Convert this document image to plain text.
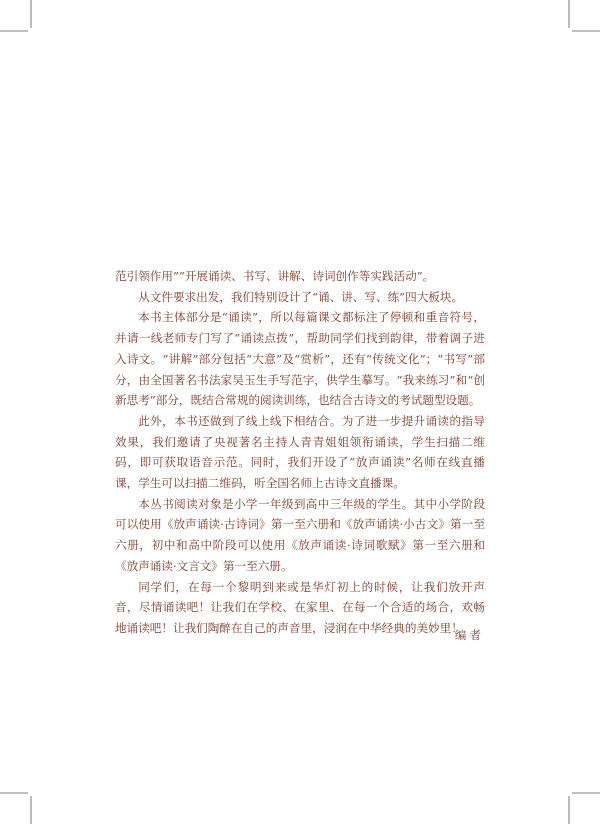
范引领作用”“开展诵读、书写、讲解、诗词创作等实践活动”。

从文件要求出发，我们特别设计了“诵、讲、写、练”四大板块。

本书主体部分是“诵读”，所以每篇课文都标注了停顿和重音符号，并请一线老师专门写了“诵读点拨”，帮助同学们找到韵律，带着调子进入诗文。“讲解”部分包括“大意”及“赏析”，还有“传统文化”；“书写”部分，由全国著名书法家吴玉生手写范字，供学生摹写。“我来练习”和“创新思考”部分，既结合常规的阅读训练，也结合古诗文的考试题型设题。

此外，本书还做到了线上线下相结合。为了进一步提升诵读的指导效果，我们邀请了央视著名主持人青青姐姐领衔诵读，学生扫描二维码，即可获取语音示范。同时，我们开设了“放声诵读”名师在线直播课，学生可以扫描二维码，听全国名师上古诗文直播课。

本丛书阅读对象是小学一年级到高中三年级的学生。其中小学阶段可以使用《放声诵读·古诗词》第一至六册和《放声诵读·小古文》第一至六册，初中和高中阶段可以使用《放声诵读·诗词歌赋》第一至六册和《放声诵读·文言文》第一至六册。

同学们，在每一个黎明到来或是华灯初上的时候，让我们放开声音，尽情诵读吧！让我们在学校、在家里、在每一个合适的场合，欢畅地诵读吧！让我们陶醉在自己的声音里，浸润在中华经典的美妙里！

编者
